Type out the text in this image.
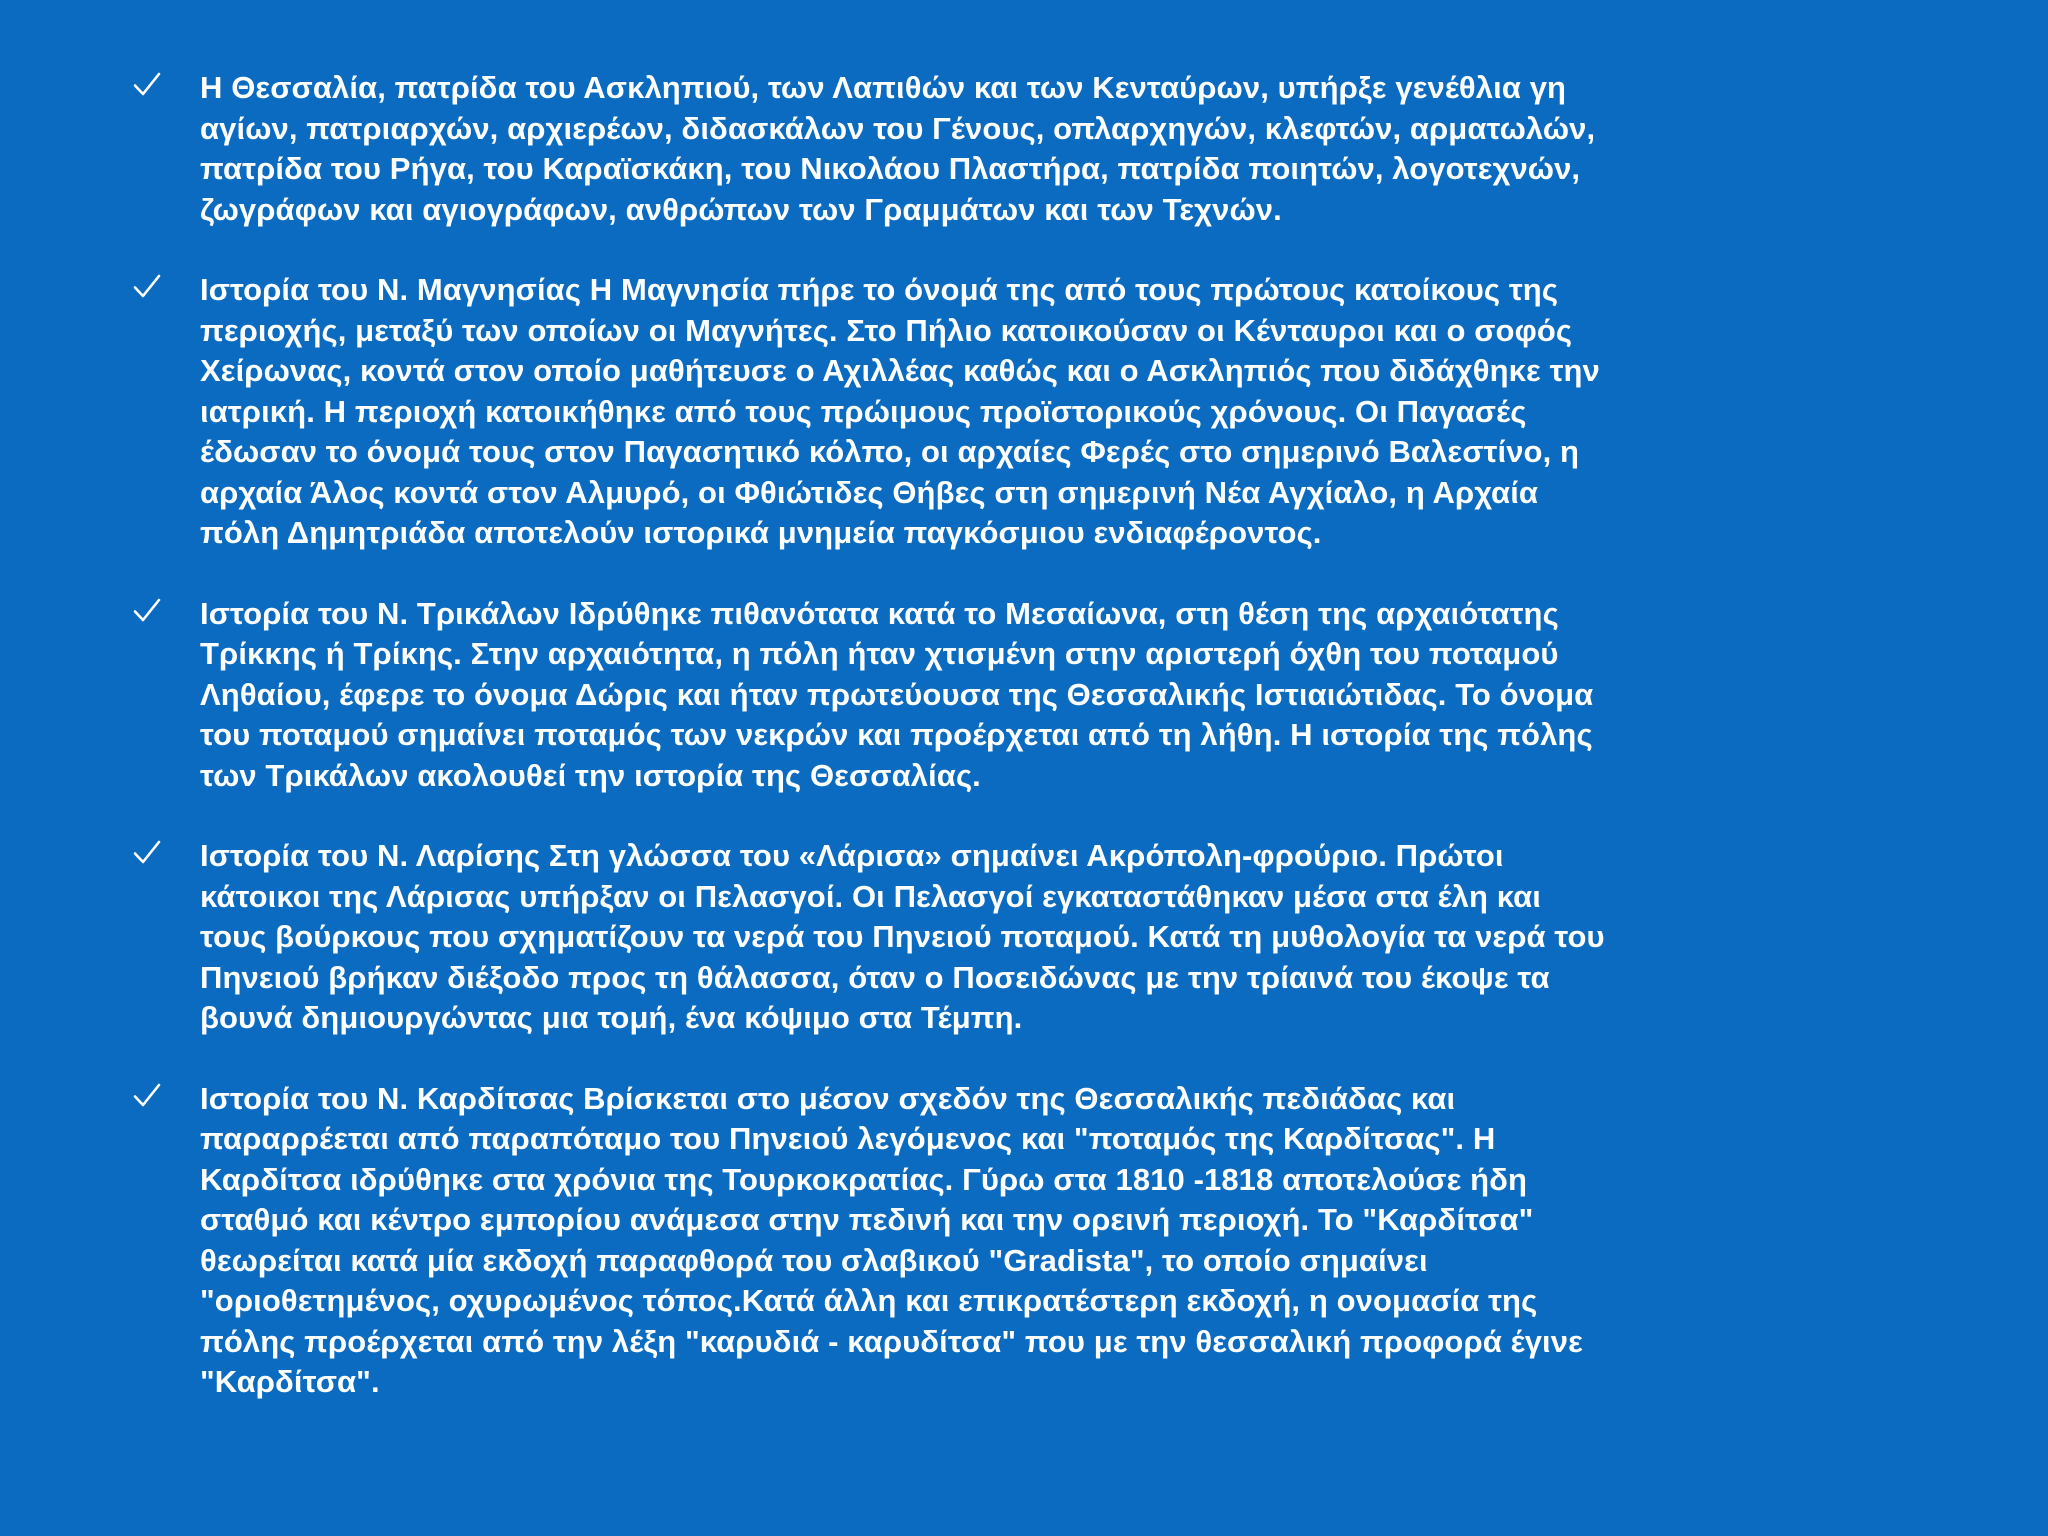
Η Θεσσαλία, πατρίδα του Ασκληπιού, των Λαπιθών και των Κενταύρων, υπήρξε γενέθλια γη
αγίων, πατριαρχών, αρχιερέων, διδασκάλων του Γένους, οπλαρχηγών, κλεφτών, αρματωλών,
πατρίδα του Ρήγα, του Καραϊσκάκη, του Νικολάου Πλαστήρα, πατρίδα ποιητών, λογοτεχνών,
ζωγράφων και αγιογράφων, ανθρώπων των Γραμμάτων και των Τεχνών.
Ιστορία του Ν. Μαγνησίας Η Μαγνησία πήρε το όνομά της από τους πρώτους κατοίκους της
περιοχής, μεταξύ των οποίων οι Μαγνήτες. Στο Πήλιο κατοικούσαν οι Κένταυροι και ο σοφός
Χείρωνας, κοντά στον οποίο μαθήτευσε ο Αχιλλέας καθώς και ο Ασκληπιός που διδάχθηκε την
ιατρική. Η περιοχή κατοικήθηκε από τους πρώιμους προϊστορικούς χρόνους. Οι Παγασές
έδωσαν το όνομά τους στον Παγασητικό κόλπο, οι αρχαίες Φερές στο σημερινό Βαλεστίνο, η
αρχαία Άλος κοντά στον Αλμυρό, οι Φθιώτιδες Θήβες στη σημερινή Νέα Αγχίαλο, η Αρχαία
πόλη Δημητριάδα αποτελούν ιστορικά μνημεία παγκόσμιου ενδιαφέροντος.
Ιστορία του Ν. Τρικάλων Ιδρύθηκε πιθανότατα κατά το Μεσαίωνα, στη θέση της αρχαιότατης
Τρίκκης ή Τρίκης. Στην αρχαιότητα, η πόλη ήταν χτισμένη στην αριστερή όχθη του ποταμού
Ληθαίου, έφερε το όνομα Δώρις και ήταν πρωτεύουσα της Θεσσαλικής Ιστιαιώτιδας. Το όνομα
του ποταμού σημαίνει ποταμός των νεκρών και προέρχεται από τη λήθη. Η ιστορία της πόλης
των Τρικάλων ακολουθεί την ιστορία της Θεσσαλίας.
Ιστορία του Ν. Λαρίσης Στη γλώσσα του «Λάρισα» σημαίνει Ακρόπολη-φρούριο. Πρώτοι
κάτοικοι της Λάρισας υπήρξαν οι Πελασγοί. Οι Πελασγοί εγκαταστάθηκαν μέσα στα έλη και
τους βούρκους που σχηματίζουν τα νερά του Πηνειού ποταμού. Κατά τη μυθολογία τα νερά του
Πηνειού βρήκαν διέξοδο προς τη θάλασσα, όταν ο Ποσειδώνας με την τρίαινά του έκοψε τα
βουνά δημιουργώντας μια τομή, ένα κόψιμο στα Τέμπη.
Ιστορία του Ν. Καρδίτσας Βρίσκεται στο μέσον σχεδόν της Θεσσαλικής πεδιάδας και
παραρρέεται από παραπόταμο του Πηνειού λεγόμενος και "ποταμός της Καρδίτσας". Η
Καρδίτσα ιδρύθηκε στα χρόνια της Τουρκοκρατίας. Γύρω στα 1810 -1818 αποτελούσε ήδη
σταθμό και κέντρο εμπορίου ανάμεσα στην πεδινή και την ορεινή περιοχή. Το "Καρδίτσα"
θεωρείται κατά μία εκδοχή παραφθορά του σλαβικού "Gradista", το οποίο σημαίνει
"οριοθετημένος, οχυρωμένος τόπος.Κατά άλλη και επικρατέστερη εκδοχή, η ονομασία της
πόλης προέρχεται από την λέξη "καρυδιά - καρυδίτσα" που με την θεσσαλική προφορά έγινε
"Καρδίτσα".
